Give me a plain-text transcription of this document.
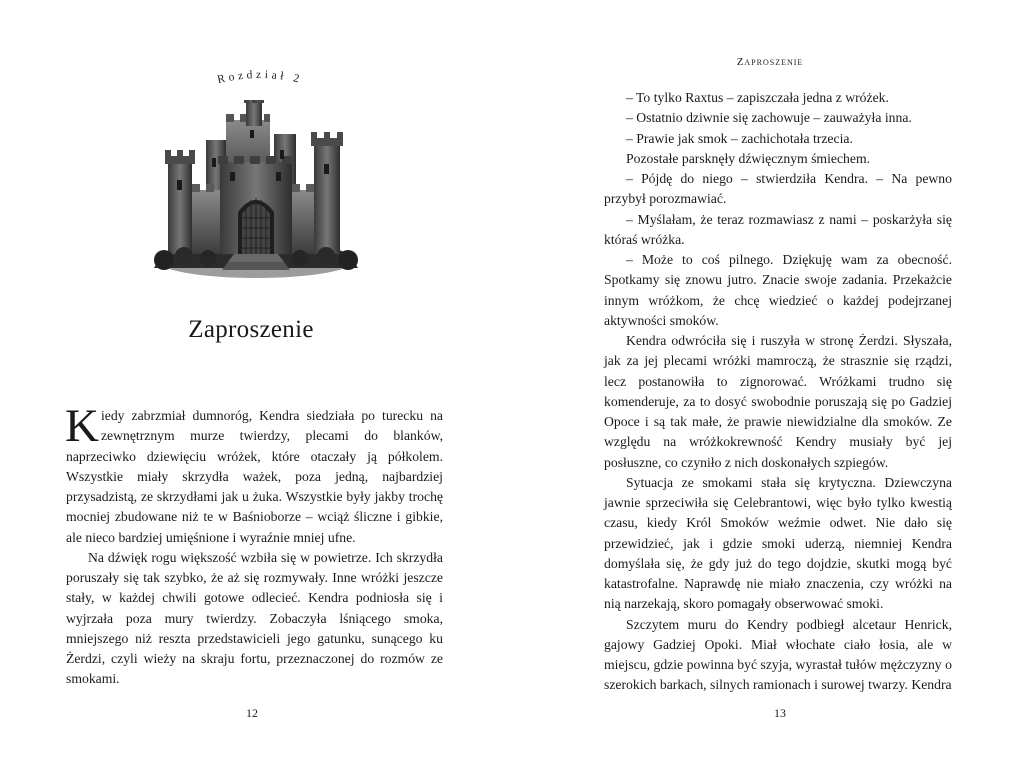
Rozdział 2
Zaproszenie

Kiedy zabrzmiał dumnoróg, Kendra siedziała po turecku na zewnętrznym murze twierdzy, plecami do blanków, naprzeciwko dziewięciu wróżek, które otaczały ją półkolem. Wszystkie miały skrzydła ważek, poza jedną, najbardziej przysadzistą, ze skrzydłami jak u żuka. Wszystkie były jakby trochę mocniej zbudowane niż te w Baśnioborze – wciąż śliczne i gibkie, ale nieco bardziej umięśnione i wyraźnie mniej ufne.

Na dźwięk rogu większość wzbiła się w powietrze. Ich skrzydła poruszały się tak szybko, że aż się rozmywały. Inne wróżki jeszcze stały, w każdej chwili gotowe odlecieć. Kendra podniosła się i wyjrzała poza mury twierdzy. Zobaczyła lśniącego smoka, mniejszego niż reszta przedstawicieli jego gatunku, sunącego ku Żerdzi, czyli wieży na skraju fortu, przeznaczonej do rozmów ze smokami.

12
Zaproszenie

– To tylko Raxtus – zapiszczała jedna z wróżek.

– Ostatnio dziwnie się zachowuje – zauważyła inna.

– Prawie jak smok – zachichotała trzecia.

Pozostałe parsknęły dźwięcznym śmiechem.

– Pójdę do niego – stwierdziła Kendra. – Na pewno przybył porozmawiać.

– Myślałam, że teraz rozmawiasz z nami – poskarżyła się któraś wróżka.

– Może to coś pilnego. Dziękuję wam za obecność. Spotkamy się znowu jutro. Znacie swoje zadania. Przekażcie innym wróżkom, że chcę wiedzieć o każdej podejrzanej aktywności smoków.

Kendra odwróciła się i ruszyła w stronę Żerdzi. Słyszała, jak za jej plecami wróżki mamroczą, że strasznie się rządzi, lecz postanowiła to zignorować. Wróżkami trudno się komenderuje, za to dosyć swobodnie poruszają się po Gadziej Opoce i są tak małe, że prawie niewidzialne dla smoków. Ze względu na wróżkokrewność Kendry musiały być jej posłuszne, co czyniło z nich doskonałych szpiegów.

Sytuacja ze smokami stała się krytyczna. Dziewczyna jawnie sprzeciwiła się Celebrantowi, więc było tylko kwestią czasu, kiedy Król Smoków weźmie odwet. Nie dało się przewidzieć, jak i gdzie smoki uderzą, niemniej Kendra domyślała się, że gdy już do tego dojdzie, skutki mogą być katastrofalne. Naprawdę nie miało znaczenia, czy wróżki na nią narzekają, skoro pomagały obserwować smoki.

Szczytem muru do Kendry podbiegł alcetaur Henrick, gajowy Gadziej Opoki. Miał włochate ciało łosia, ale w miejscu, gdzie powinna być szyja, wyrastał tułów mężczyzny o szerokich barkach, silnych ramionach i surowej twarzy. Kendra

13
